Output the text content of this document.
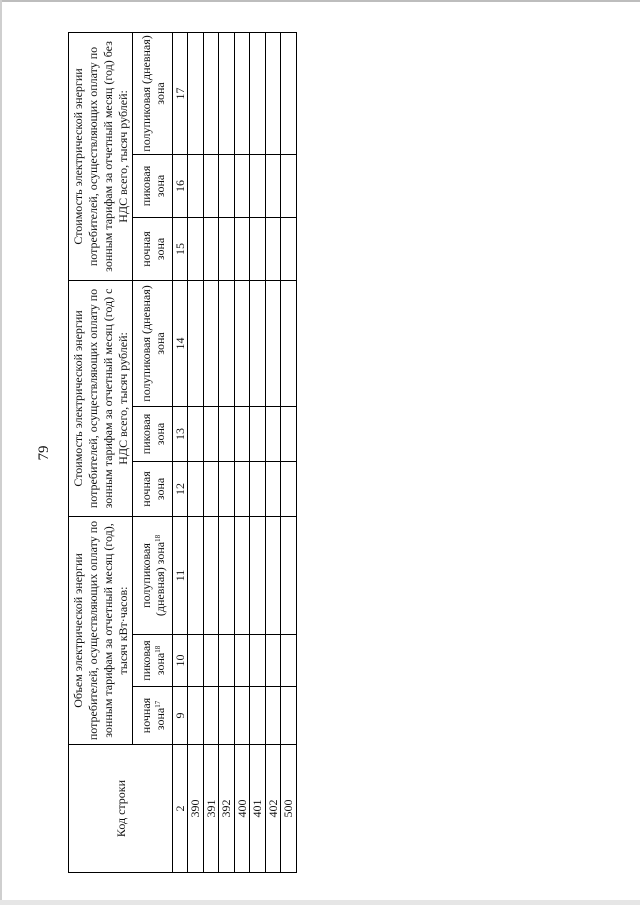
79
Код строки	Объем электрической энергии потребителей, осуществляющих оплату по зонным тарифам за отчетный месяц (год), тысяч кВт·часов:			Стоимость электрической энергии потребителей, осуществляющих оплату по зонным тарифам за отчетный месяц (год) с НДС всего, тысяч рублей:			Стоимость электрической энергии потребителей, осуществляющих оплату по зонным тарифам за отчетный месяц (год) без НДС всего, тысяч рублей:		
	ночная зона$^{17}$	пиковая зона$^{18}$	полупиковая (дневная) зона$^{18}$	ночная зона	пиковая зона	полупиковая (дневная) зона	ночная зона	пиковая зона	полупиковая (дневная) зона
2	9	10	11	12	13	14	15	16	17
390									
391									
392									
400									
401									
402									
500									
